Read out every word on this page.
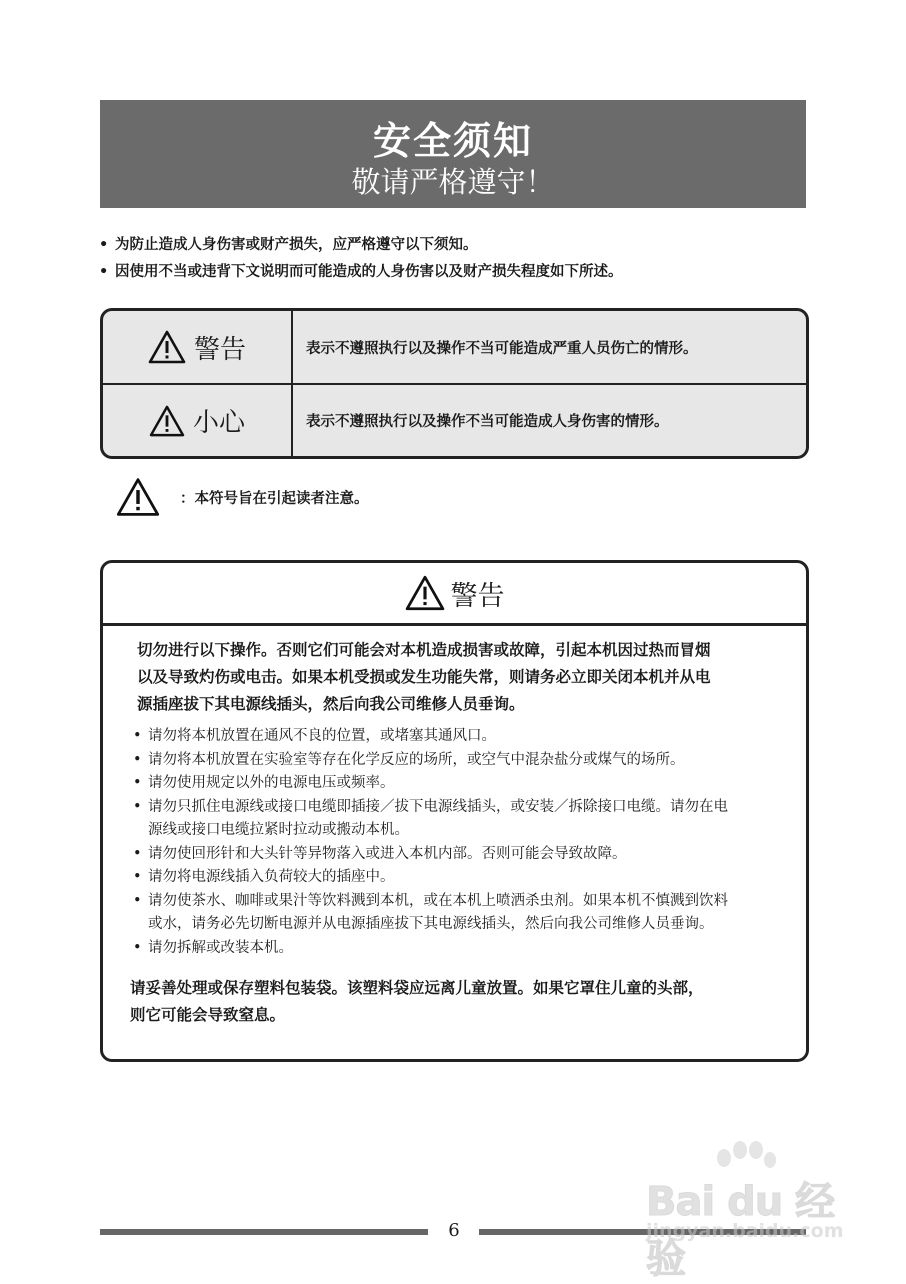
安全须知
敬请严格遵守！
• 为防止造成人身伤害或财产损失，应严格遵守以下须知。
• 因使用不当或违背下文说明而可能造成的人身伤害以及财产损失程度如下所述。
警告	表示不遵照执行以及操作不当可能造成严重人员伤亡的情形。
小心	表示不遵照执行以及操作不当可能造成人身伤害的情形。
：本符号旨在引起读者注意。
警告
切勿进行以下操作。否则它们可能会对本机造成损害或故障，引起本机因过热而冒烟
以及导致灼伤或电击。如果本机受损或发生功能失常，则请务必立即关闭本机并从电
源插座拔下其电源线插头，然后向我公司维修人员垂询。
• 请勿将本机放置在通风不良的位置，或堵塞其通风口。
• 请勿将本机放置在实验室等存在化学反应的场所，或空气中混杂盐分或煤气的场所。
• 请勿使用规定以外的电源电压或频率。
• 请勿只抓住电源线或接口电缆即插接／拔下电源线插头，或安装／拆除接口电缆。请勿在电
源线或接口电缆拉紧时拉动或搬动本机。
• 请勿使回形针和大头针等异物落入或进入本机内部。否则可能会导致故障。
• 请勿将电源线插入负荷较大的插座中。
• 请勿使茶水、咖啡或果汁等饮料溅到本机，或在本机上喷洒杀虫剂。如果本机不慎溅到饮料
或水，请务必先切断电源并从电源插座拔下其电源线插头，然后向我公司维修人员垂询。
• 请勿拆解或改装本机。
请妥善处理或保存塑料包装袋。该塑料袋应远离儿童放置。如果它罩住儿童的头部，
则它可能会导致窒息。
6
Bai du 经验
jingyan.baidu.com
